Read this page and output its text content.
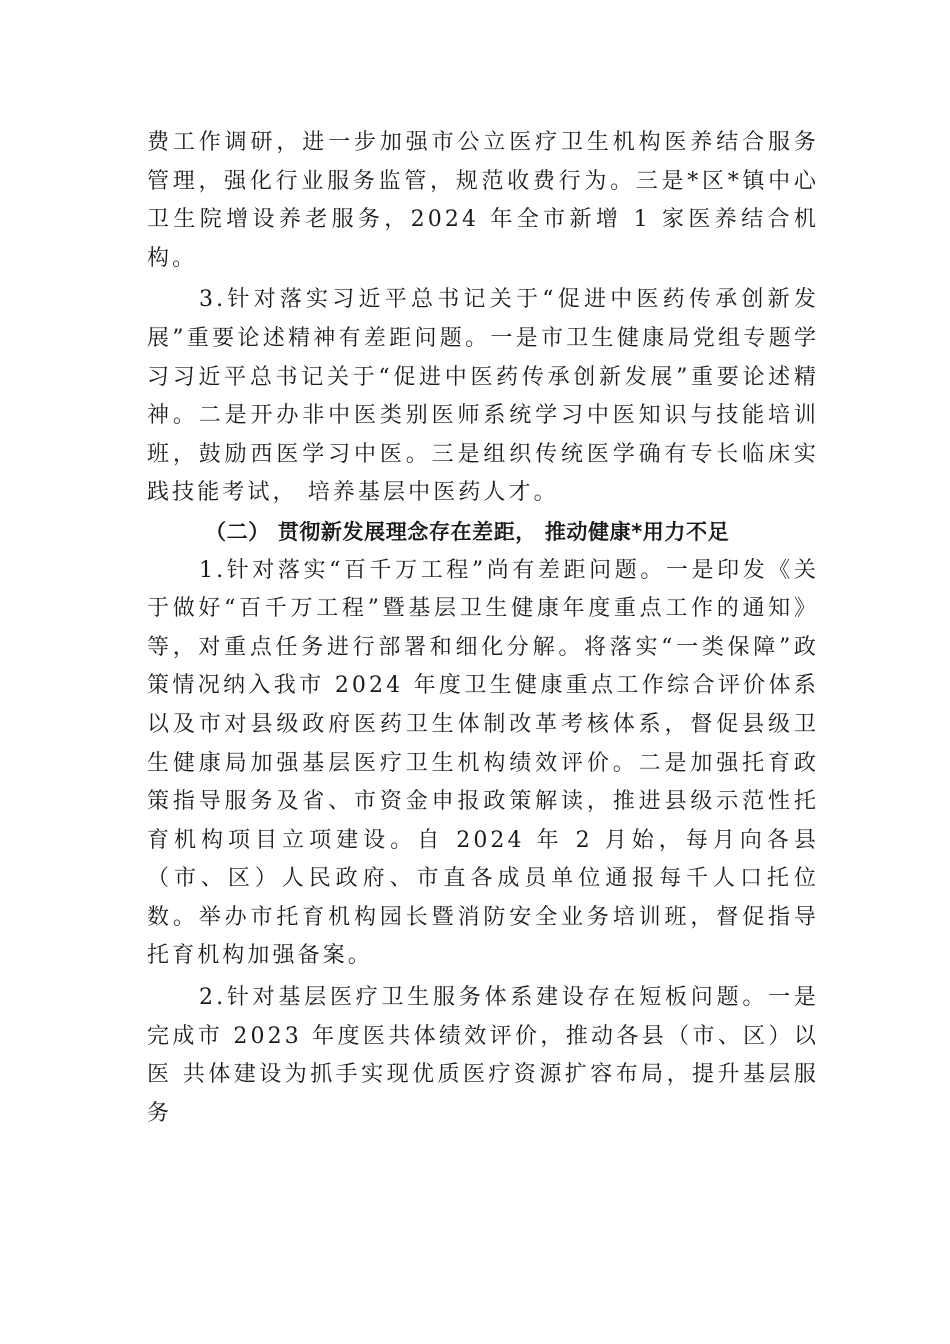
费工作调研，进一步加强市公立医疗卫生机构医养结合服务管理，强化行业服务监管，规范收费行为。三是*区*镇中心卫生院增设养老服务，2024 年全市新增 1 家医养结合机构。

3.针对落实习近平总书记关于“促进中医药传承创新发展”重要论述精神有差距问题。一是市卫生健康局党组专题学习习近平总书记关于“促进中医药传承创新发展”重要论述精神。二是开办非中医类别医师系统学习中医知识与技能培训班，鼓励西医学习中医。三是组织传统医学确有专长临床实践技能考试， 培养基层中医药人才。

（二） 贯彻新发展理念存在差距， 推动健康*用力不足

1.针对落实“百千万工程”尚有差距问题。一是印发《关于做好“百千万工程”暨基层卫生健康年度重点工作的通知》等，对重点任务进行部署和细化分解。将落实“一类保障”政策情况纳入我市 2024 年度卫生健康重点工作综合评价体系以及市对县级政府医药卫生体制改革考核体系，督促县级卫生健康局加强基层医疗卫生机构绩效评价。二是加强托育政策指导服务及省、市资金申报政策解读，推进县级示范性托育机构项目立项建设。自 2024 年 2 月始，每月向各县（市、区）人民政府、市直各成员单位通报每千人口托位数。举办市托育机构园长暨消防安全业务培训班，督促指导托育机构加强备案。

2.针对基层医疗卫生服务体系建设存在短板问题。一是完成市 2023 年度医共体绩效评价，推动各县（市、区）以医 共体建设为抓手实现优质医疗资源扩容布局，提升基层服务
